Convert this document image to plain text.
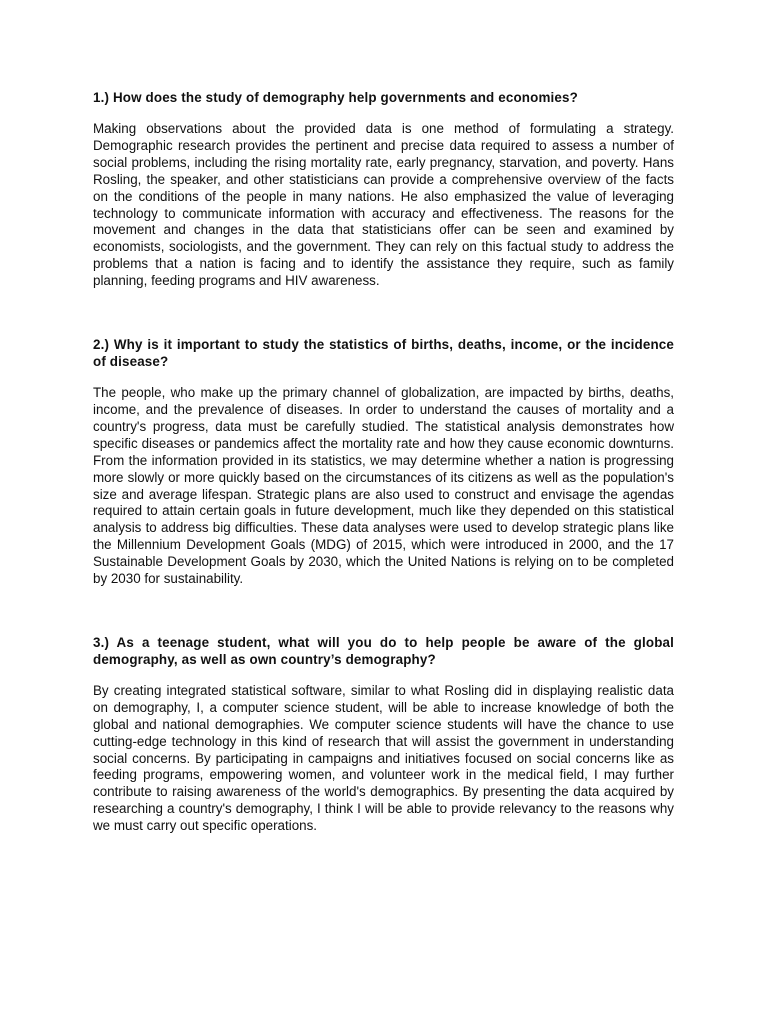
1.) How does the study of demography help governments and economies?

Making observations about the provided data is one method of formulating a strategy. Demographic research provides the pertinent and precise data required to assess a number of social problems, including the rising mortality rate, early pregnancy, starvation, and poverty. Hans Rosling, the speaker, and other statisticians can provide a comprehensive overview of the facts on the conditions of the people in many nations. He also emphasized the value of leveraging technology to communicate information with accuracy and effectiveness. The reasons for the movement and changes in the data that statisticians offer can be seen and examined by economists, sociologists, and the government. They can rely on this factual study to address the problems that a nation is facing and to identify the assistance they require, such as family planning, feeding programs and HIV awareness.

2.) Why is it important to study the statistics of births, deaths, income, or the incidence of disease?

The people, who make up the primary channel of globalization, are impacted by births, deaths, income, and the prevalence of diseases. In order to understand the causes of mortality and a country's progress, data must be carefully studied. The statistical analysis demonstrates how specific diseases or pandemics affect the mortality rate and how they cause economic downturns. From the information provided in its statistics, we may determine whether a nation is progressing more slowly or more quickly based on the circumstances of its citizens as well as the population's size and average lifespan. Strategic plans are also used to construct and envisage the agendas required to attain certain goals in future development, much like they depended on this statistical analysis to address big difficulties. These data analyses were used to develop strategic plans like the Millennium Development Goals (MDG) of 2015, which were introduced in 2000, and the 17 Sustainable Development Goals by 2030, which the United Nations is relying on to be completed by 2030 for sustainability.

3.) As a teenage student, what will you do to help people be aware of the global demography, as well as own country’s demography?

By creating integrated statistical software, similar to what Rosling did in displaying realistic data on demography, I, a computer science student, will be able to increase knowledge of both the global and national demographies. We computer science students will have the chance to use cutting-edge technology in this kind of research that will assist the government in understanding social concerns. By participating in campaigns and initiatives focused on social concerns like as feeding programs, empowering women, and volunteer work in the medical field, I may further contribute to raising awareness of the world's demographics. By presenting the data acquired by researching a country's demography, I think I will be able to provide relevancy to the reasons why we must carry out specific operations.
